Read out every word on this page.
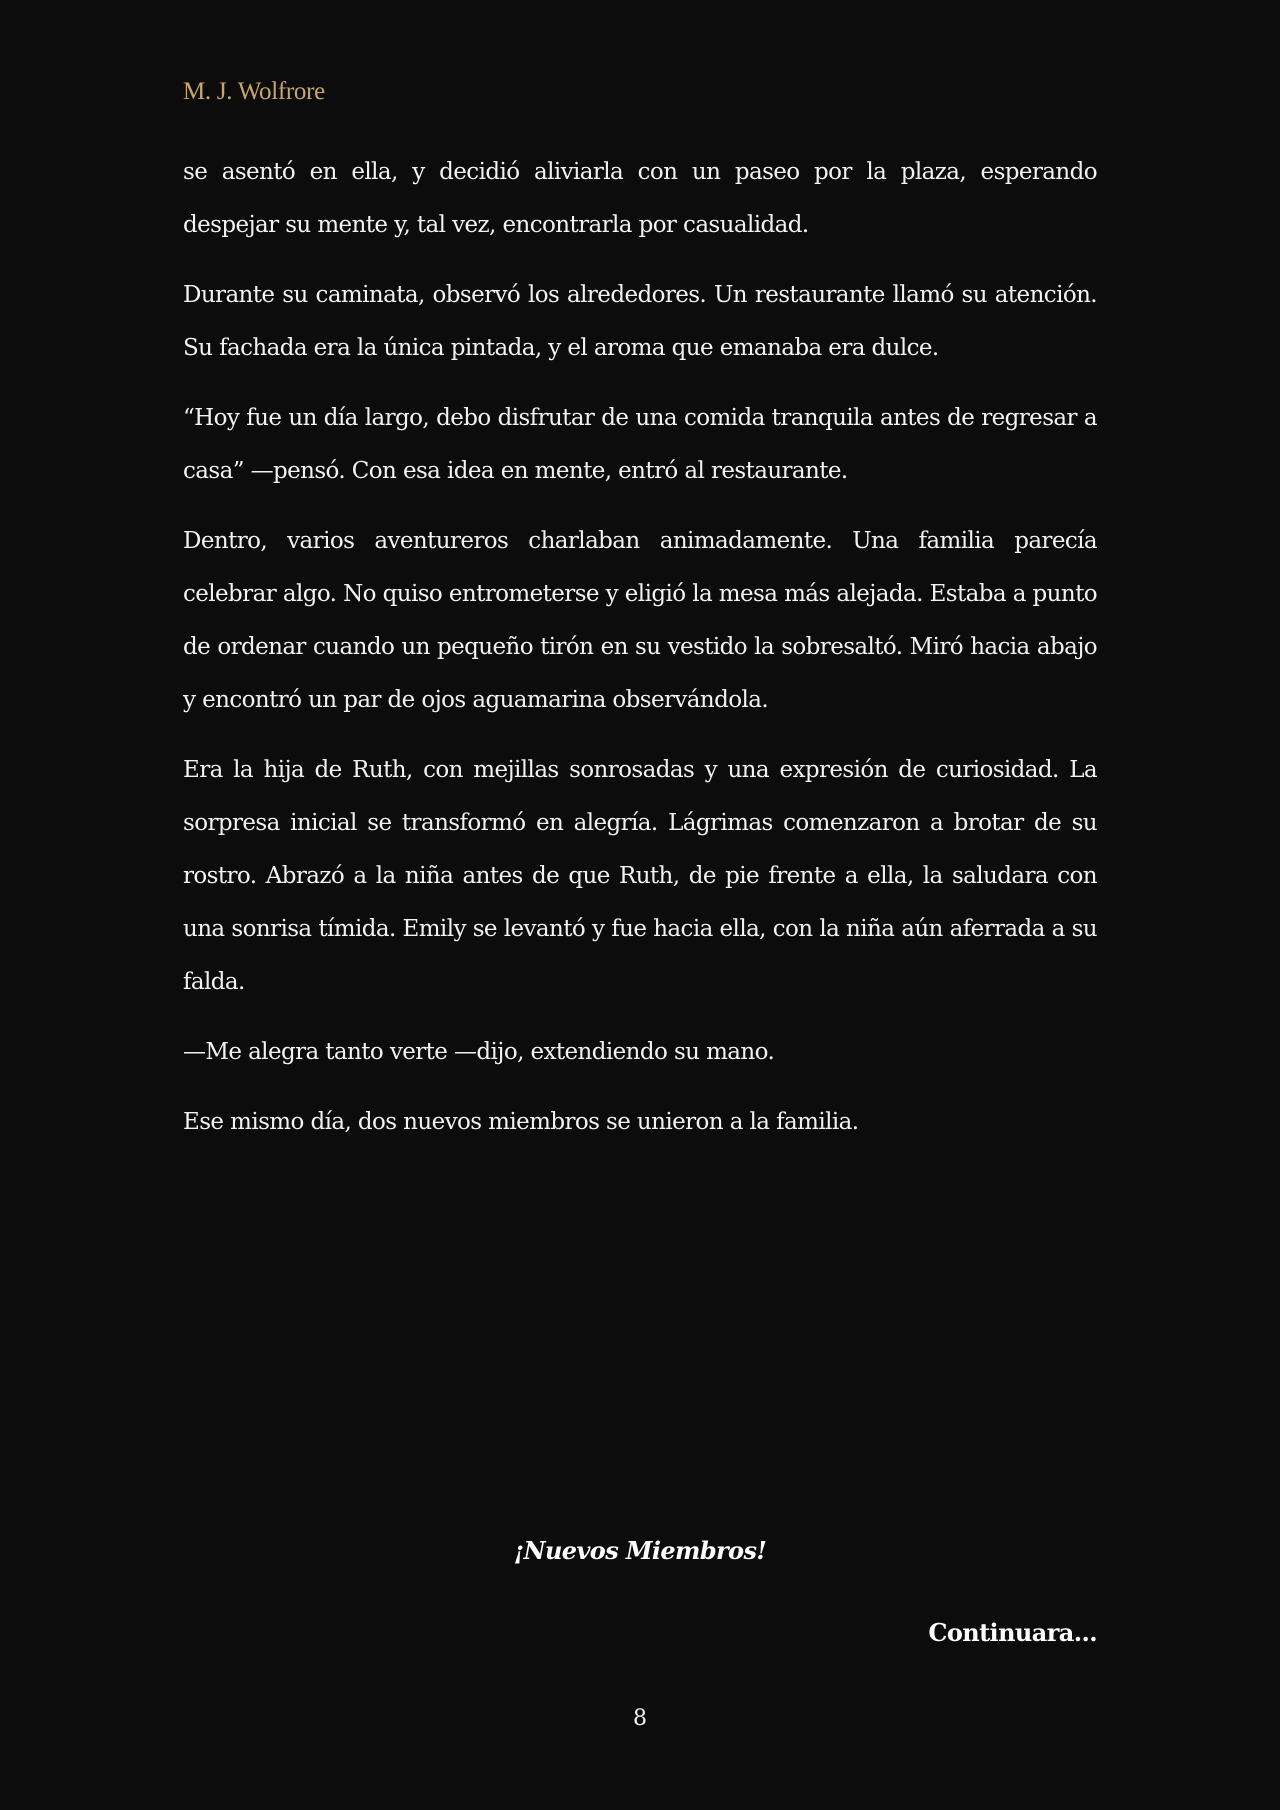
M. J. Wolfrore

se asentó en ella, y decidió aliviarla con un paseo por la plaza, esperando despejar su mente y, tal vez, encontrarla por casualidad.

Durante su caminata, observó los alrededores. Un restaurante llamó su atención. Su fachada era la única pintada, y el aroma que emanaba era dulce.

“Hoy fue un día largo, debo disfrutar de una comida tranquila antes de regresar a casa” —pensó. Con esa idea en mente, entró al restaurante.

Dentro, varios aventureros charlaban animadamente. Una familia parecía celebrar algo. No quiso entrometerse y eligió la mesa más alejada. Estaba a punto de ordenar cuando un pequeño tirón en su vestido la sobresaltó. Miró hacia abajo y encontró un par de ojos aguamarina observándola.

Era la hija de Ruth, con mejillas sonrosadas y una expresión de curiosidad. La sorpresa inicial se transformó en alegría. Lágrimas comenzaron a brotar de su rostro. Abrazó a la niña antes de que Ruth, de pie frente a ella, la saludara con una sonrisa tímida. Emily se levantó y fue hacia ella, con la niña aún aferrada a su falda.

—Me alegra tanto verte —dijo, extendiendo su mano.

Ese mismo día, dos nuevos miembros se unieron a la familia.

¡Nuevos Miembros!
Continuara...
8
